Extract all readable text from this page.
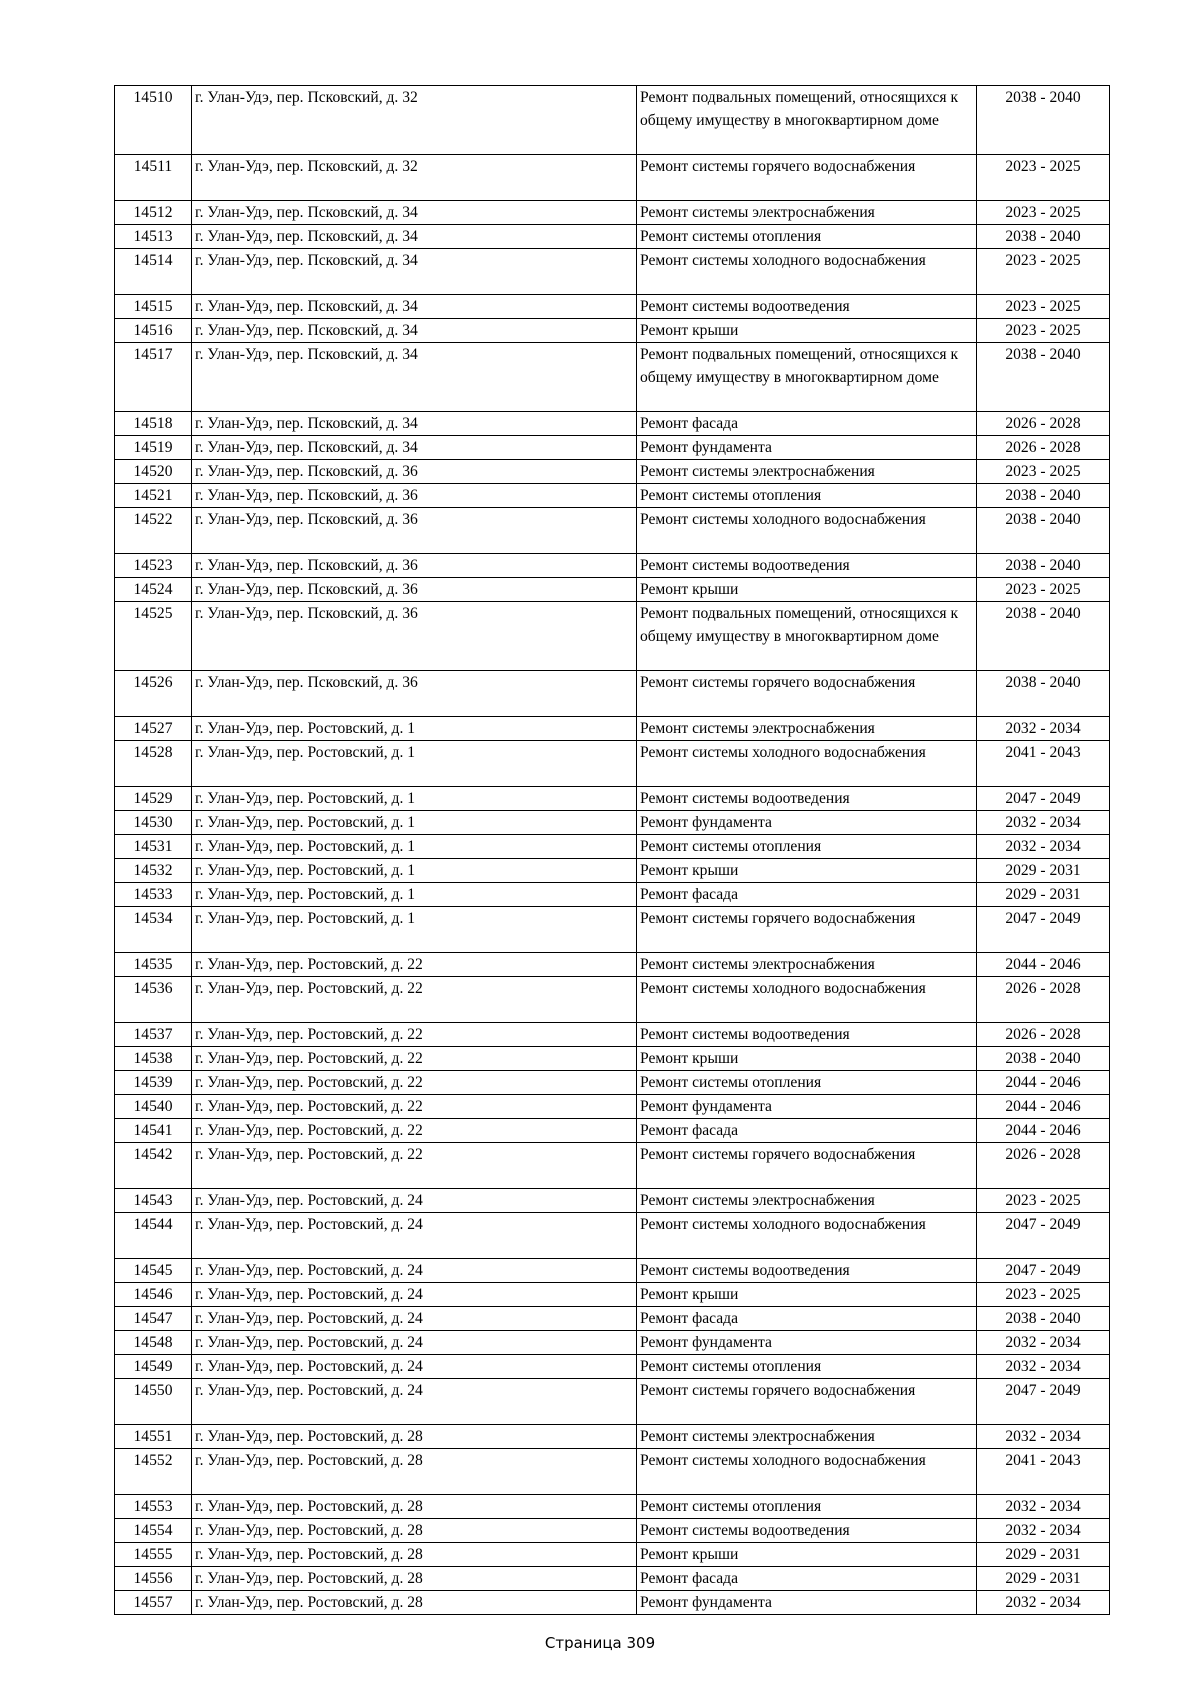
14510	г. Улан-Удэ, пер. Псковский, д. 32	Ремонт подвальных помещений, относящихся к общему имуществу в многоквартирном доме	2038 - 2040
14511	г. Улан-Удэ, пер. Псковский, д. 32	Ремонт системы горячего водоснабжения	2023 - 2025
14512	г. Улан-Удэ, пер. Псковский, д. 34	Ремонт системы электроснабжения	2023 - 2025
14513	г. Улан-Удэ, пер. Псковский, д. 34	Ремонт системы отопления	2038 - 2040
14514	г. Улан-Удэ, пер. Псковский, д. 34	Ремонт системы холодного водоснабжения	2023 - 2025
14515	г. Улан-Удэ, пер. Псковский, д. 34	Ремонт системы водоотведения	2023 - 2025
14516	г. Улан-Удэ, пер. Псковский, д. 34	Ремонт крыши	2023 - 2025
14517	г. Улан-Удэ, пер. Псковский, д. 34	Ремонт подвальных помещений, относящихся к общему имуществу в многоквартирном доме	2038 - 2040
14518	г. Улан-Удэ, пер. Псковский, д. 34	Ремонт фасада	2026 - 2028
14519	г. Улан-Удэ, пер. Псковский, д. 34	Ремонт фундамента	2026 - 2028
14520	г. Улан-Удэ, пер. Псковский, д. 36	Ремонт системы электроснабжения	2023 - 2025
14521	г. Улан-Удэ, пер. Псковский, д. 36	Ремонт системы отопления	2038 - 2040
14522	г. Улан-Удэ, пер. Псковский, д. 36	Ремонт системы холодного водоснабжения	2038 - 2040
14523	г. Улан-Удэ, пер. Псковский, д. 36	Ремонт системы водоотведения	2038 - 2040
14524	г. Улан-Удэ, пер. Псковский, д. 36	Ремонт крыши	2023 - 2025
14525	г. Улан-Удэ, пер. Псковский, д. 36	Ремонт подвальных помещений, относящихся к общему имуществу в многоквартирном доме	2038 - 2040
14526	г. Улан-Удэ, пер. Псковский, д. 36	Ремонт системы горячего водоснабжения	2038 - 2040
14527	г. Улан-Удэ, пер. Ростовский, д. 1	Ремонт системы электроснабжения	2032 - 2034
14528	г. Улан-Удэ, пер. Ростовский, д. 1	Ремонт системы холодного водоснабжения	2041 - 2043
14529	г. Улан-Удэ, пер. Ростовский, д. 1	Ремонт системы водоотведения	2047 - 2049
14530	г. Улан-Удэ, пер. Ростовский, д. 1	Ремонт фундамента	2032 - 2034
14531	г. Улан-Удэ, пер. Ростовский, д. 1	Ремонт системы отопления	2032 - 2034
14532	г. Улан-Удэ, пер. Ростовский, д. 1	Ремонт крыши	2029 - 2031
14533	г. Улан-Удэ, пер. Ростовский, д. 1	Ремонт фасада	2029 - 2031
14534	г. Улан-Удэ, пер. Ростовский, д. 1	Ремонт системы горячего водоснабжения	2047 - 2049
14535	г. Улан-Удэ, пер. Ростовский, д. 22	Ремонт системы электроснабжения	2044 - 2046
14536	г. Улан-Удэ, пер. Ростовский, д. 22	Ремонт системы холодного водоснабжения	2026 - 2028
14537	г. Улан-Удэ, пер. Ростовский, д. 22	Ремонт системы водоотведения	2026 - 2028
14538	г. Улан-Удэ, пер. Ростовский, д. 22	Ремонт крыши	2038 - 2040
14539	г. Улан-Удэ, пер. Ростовский, д. 22	Ремонт системы отопления	2044 - 2046
14540	г. Улан-Удэ, пер. Ростовский, д. 22	Ремонт фундамента	2044 - 2046
14541	г. Улан-Удэ, пер. Ростовский, д. 22	Ремонт фасада	2044 - 2046
14542	г. Улан-Удэ, пер. Ростовский, д. 22	Ремонт системы горячего водоснабжения	2026 - 2028
14543	г. Улан-Удэ, пер. Ростовский, д. 24	Ремонт системы электроснабжения	2023 - 2025
14544	г. Улан-Удэ, пер. Ростовский, д. 24	Ремонт системы холодного водоснабжения	2047 - 2049
14545	г. Улан-Удэ, пер. Ростовский, д. 24	Ремонт системы водоотведения	2047 - 2049
14546	г. Улан-Удэ, пер. Ростовский, д. 24	Ремонт крыши	2023 - 2025
14547	г. Улан-Удэ, пер. Ростовский, д. 24	Ремонт фасада	2038 - 2040
14548	г. Улан-Удэ, пер. Ростовский, д. 24	Ремонт фундамента	2032 - 2034
14549	г. Улан-Удэ, пер. Ростовский, д. 24	Ремонт системы отопления	2032 - 2034
14550	г. Улан-Удэ, пер. Ростовский, д. 24	Ремонт системы горячего водоснабжения	2047 - 2049
14551	г. Улан-Удэ, пер. Ростовский, д. 28	Ремонт системы электроснабжения	2032 - 2034
14552	г. Улан-Удэ, пер. Ростовский, д. 28	Ремонт системы холодного водоснабжения	2041 - 2043
14553	г. Улан-Удэ, пер. Ростовский, д. 28	Ремонт системы отопления	2032 - 2034
14554	г. Улан-Удэ, пер. Ростовский, д. 28	Ремонт системы водоотведения	2032 - 2034
14555	г. Улан-Удэ, пер. Ростовский, д. 28	Ремонт крыши	2029 - 2031
14556	г. Улан-Удэ, пер. Ростовский, д. 28	Ремонт фасада	2029 - 2031
14557	г. Улан-Удэ, пер. Ростовский, д. 28	Ремонт фундамента	2032 - 2034
Страница 309
